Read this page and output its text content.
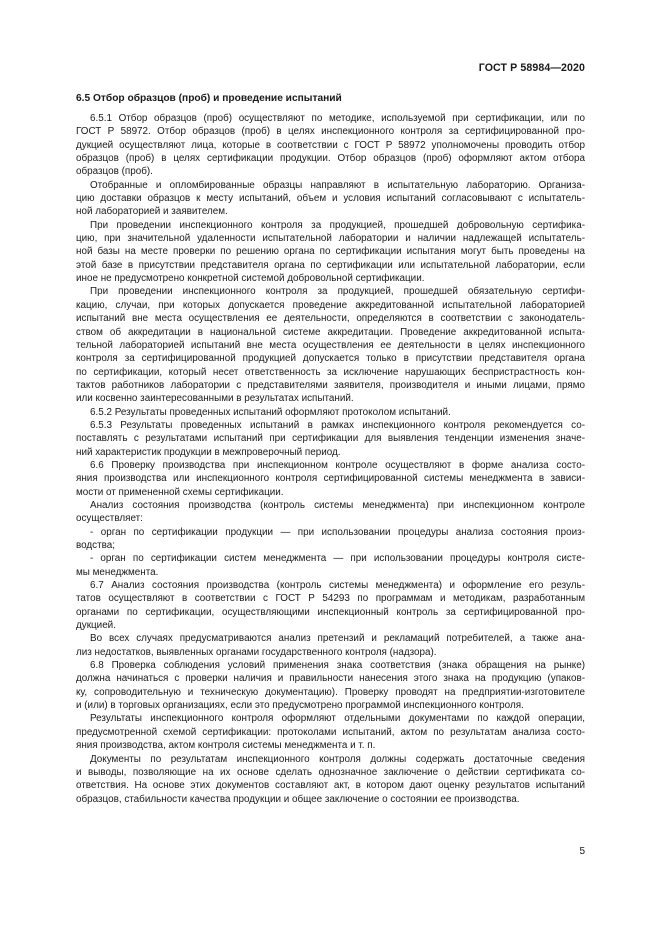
ГОСТ Р 58984—2020
6.5 Отбор образцов (проб) и проведение испытаний
6.5.1 Отбор образцов (проб) осуществляют по методике, используемой при сертификации, или по
ГОСТ Р 58972. Отбор образцов (проб) в целях инспекционного контроля за сертифицированной про-
дукцией осуществляют лица, которые в соответствии с ГОСТ Р 58972 уполномочены проводить отбор
образцов (проб) в целях сертификации продукции. Отбор образцов (проб) оформляют актом отбора
образцов (проб).
Отобранные и опломбированные образцы направляют в испытательную лабораторию. Организа-
цию доставки образцов к месту испытаний, объем и условия испытаний согласовывают с испытатель-
ной лабораторией и заявителем.
При проведении инспекционного контроля за продукцией, прошедшей добровольную сертифика-
цию, при значительной удаленности испытательной лаборатории и наличии надлежащей испытатель-
ной базы на месте проверки по решению органа по сертификации испытания могут быть проведены на
этой базе в присутствии представителя органа по сертификации или испытательной лаборатории, если
иное не предусмотрено конкретной системой добровольной сертификации.
При проведении инспекционного контроля за продукцией, прошедшей обязательную сертифи-
кацию, случаи, при которых допускается проведение аккредитованной испытательной лабораторией
испытаний вне места осуществления ее деятельности, определяются в соответствии с законодатель-
ством об аккредитации в национальной системе аккредитации. Проведение аккредитованной испыта-
тельной лабораторией испытаний вне места осуществления ее деятельности в целях инспекционного
контроля за сертифицированной продукцией допускается только в присутствии представителя органа
по сертификации, который несет ответственность за исключение нарушающих беспристрастность кон-
тактов работников лаборатории с представителями заявителя, производителя и иными лицами, прямо
или косвенно заинтересованными в результатах испытаний.
6.5.2 Результаты проведенных испытаний оформляют протоколом испытаний.
6.5.3 Результаты проведенных испытаний в рамках инспекционного контроля рекомендуется со-
поставлять с результатами испытаний при сертификации для выявления тенденции изменения значе-
ний характеристик продукции в межпроверочный период.
6.6 Проверку производства при инспекционном контроле осуществляют в форме анализа состо-
яния производства или инспекционного контроля сертифицированной системы менеджмента в зависи-
мости от примененной схемы сертификации.
Анализ состояния производства (контроль системы менеджмента) при инспекционном контроле
осуществляет:
- орган по сертификации продукции — при использовании процедуры анализа состояния произ-
водства;
- орган по сертификации систем менеджмента — при использовании процедуры контроля систе-
мы менеджмента.
6.7 Анализ состояния производства (контроль системы менеджмента) и оформление его резуль-
татов осуществляют в соответствии с ГОСТ Р 54293 по программам и методикам, разработанным
органами по сертификации, осуществляющими инспекционный контроль за сертифицированной про-
дукцией.
Во всех случаях предусматриваются анализ претензий и рекламаций потребителей, а также ана-
лиз недостатков, выявленных органами государственного контроля (надзора).
6.8 Проверка соблюдения условий применения знака соответствия (знака обращения на рынке)
должна начинаться с проверки наличия и правильности нанесения этого знака на продукцию (упаков-
ку, сопроводительную и техническую документацию). Проверку проводят на предприятии-изготовителе
и (или) в торговых организациях, если это предусмотрено программой инспекционного контроля.
Результаты инспекционного контроля оформляют отдельными документами по каждой операции,
предусмотренной схемой сертификации: протоколами испытаний, актом по результатам анализа состо-
яния производства, актом контроля системы менеджмента и т. п.
Документы по результатам инспекционного контроля должны содержать достаточные сведения
и выводы, позволяющие на их основе сделать однозначное заключение о действии сертификата со-
ответствия. На основе этих документов составляют акт, в котором дают оценку результатов испытаний
образцов, стабильности качества продукции и общее заключение о состоянии ее производства.
5
